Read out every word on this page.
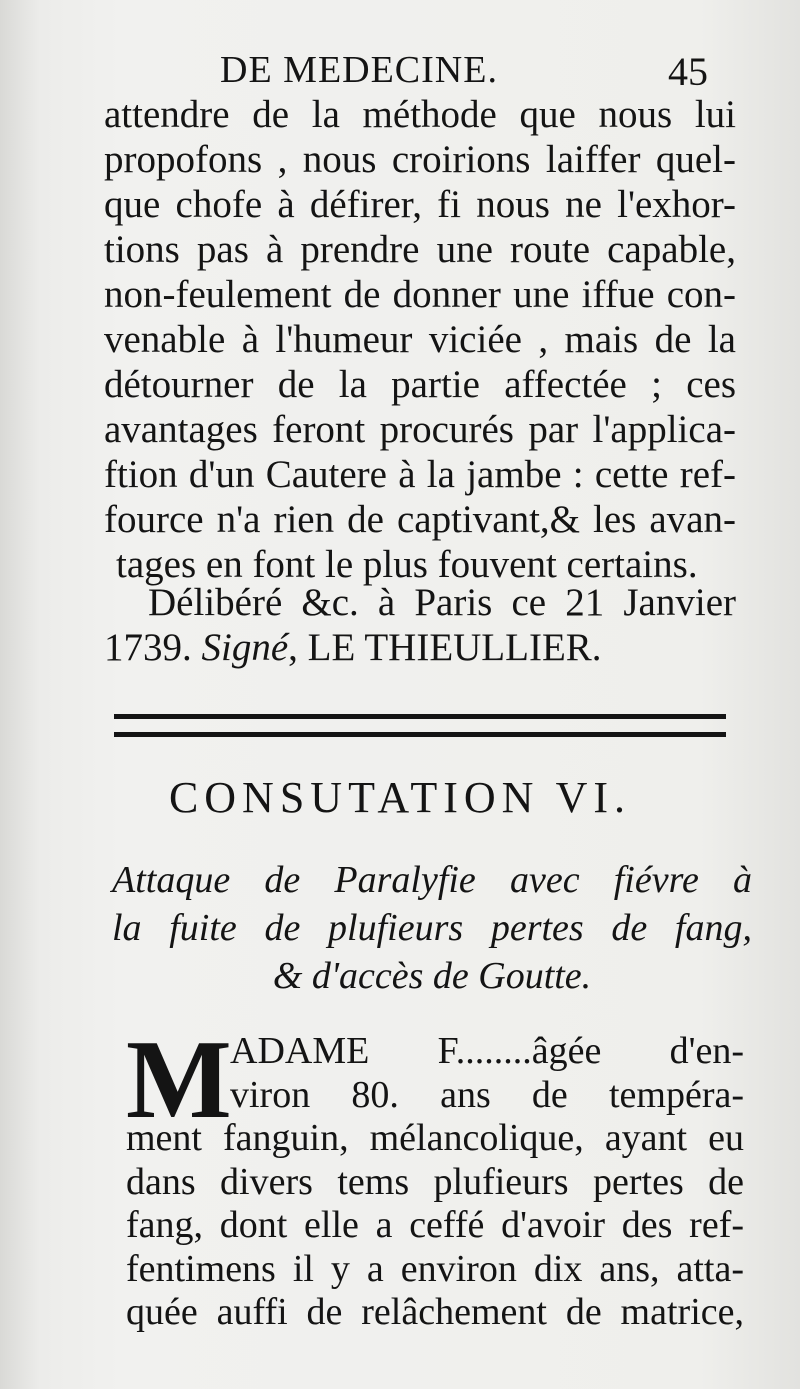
DE MEDECINE.	45
attendre de la méthode que nous lui
propofons , nous croirions laiffer quel-
que chofe à défirer, fi nous ne l'exhor-
tions pas à prendre une route capable,
non-feulement de donner une iffue con-
venable à l'humeur viciée , mais de la
détourner de la partie affectée ; ces
avantages feront procurés par l'applica-
ftion d'un Cautere à la jambe : cette ref-
fource n'a rien de captivant,& les avan-
tages en font le plus fouvent certains.
Délibéré &c. à Paris ce 21 Janvier
1739. Signé, LE THIEULLIER.
CONSUTATION VI.
Attaque de Paralyfie avec fiévre à
la fuite de plufieurs pertes de fang,
& d'accès de Goutte.
M
ADAME F........âgée d'en-
viron 80. ans de tempéra-
ment fanguin, mélancolique, ayant eu
dans divers tems plufieurs pertes de
fang, dont elle a ceffé d'avoir des ref-
fentimens il y a environ dix ans, atta-
quée auffi de relâchement de matrice,
